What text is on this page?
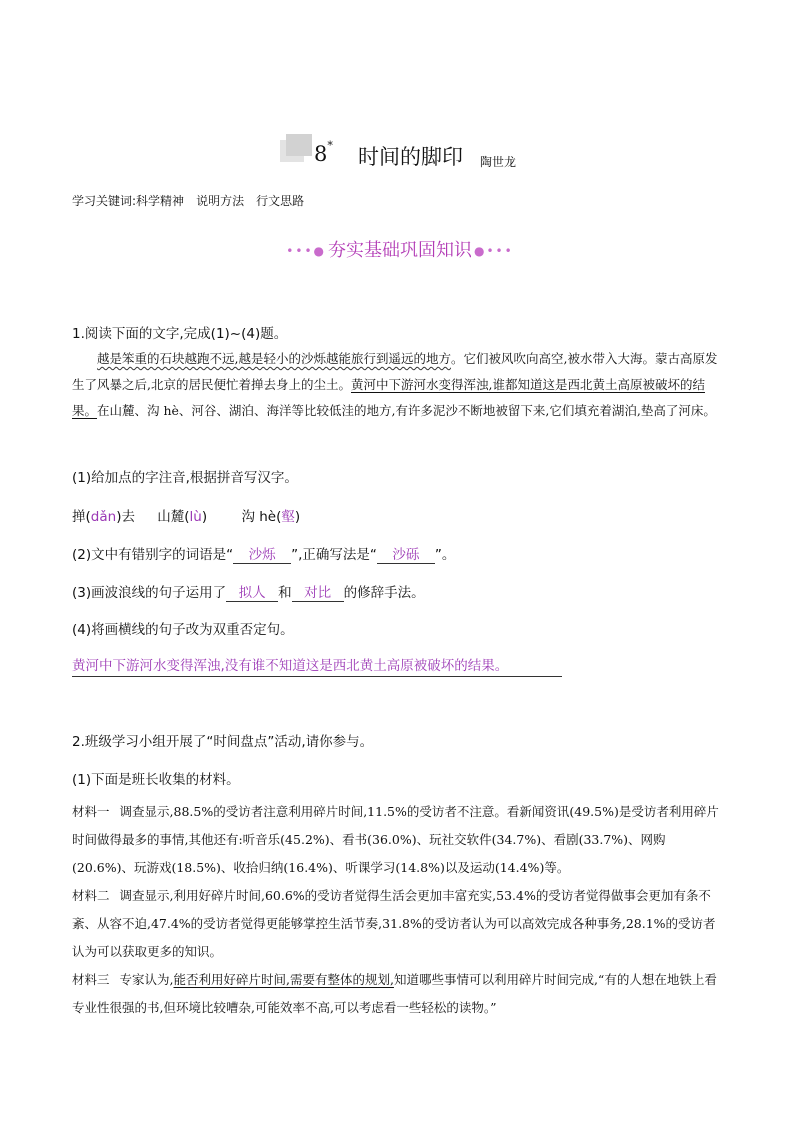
8* 时间的脚印 陶世龙
学习关键词:科学精神 说明方法 行文思路
•••● 夯实基础巩固知识 ●•••
1.阅读下面的文字,完成(1)~(4)题。
越是笨重的石块越跑不远,越是轻小的沙烁越能旅行到遥远的地方。它们被风吹向高空,被水带入大海。蒙古高原发生了风暴之后,北京的居民便忙着掸去身上的尘土。黄河中下游河水变得浑浊,谁都知道这是西北黄土高原被破坏的结果。在山麓、沟 hè、河谷、湖泊、海洋等比较低洼的地方,有许多泥沙不断地被留下来,它们填充着湖泊,垫高了河床。
(1)给加点的字注音,根据拼音写汉字。
掸(dǎn)去 山麓(lù)	沟 hè(壑)
(2)文中有错别字的词语是“ 沙烁 ”,正确写法是“ 沙砾 ”。
(3)画波浪线的句子运用了 拟人 和 对比 的修辞手法。
(4)将画横线的句子改为双重否定句。
黄河中下游河水变得浑浊,没有谁不知道这是西北黄土高原被破坏的结果。
2.班级学习小组开展了“时间盘点”活动,请你参与。
(1)下面是班长收集的材料。
材料一 调查显示,88.5%的受访者注意利用碎片时间,11.5%的受访者不注意。看新闻资讯(49.5%)是受访者利用碎片时间做得最多的事情,其他还有:听音乐(45.2%)、看书(36.0%)、玩社交软件(34.7%)、看剧(33.7%)、网购(20.6%)、玩游戏(18.5%)、收拾归纳(16.4%)、听课学习(14.8%)以及运动(14.4%)等。
材料二 调查显示,利用好碎片时间,60.6%的受访者觉得生活会更加丰富充实,53.4%的受访者觉得做事会更加有条不紊、从容不迫,47.4%的受访者觉得更能够掌控生活节奏,31.8%的受访者认为可以高效完成各种事务,28.1%的受访者认为可以获取更多的知识。
材料三 专家认为,能否利用好碎片时间,需要有整体的规划,知道哪些事情可以利用碎片时间完成,“有的人想在地铁上看专业性很强的书,但环境比较嘈杂,可能效率不高,可以考虑看一些轻松的读物。”
